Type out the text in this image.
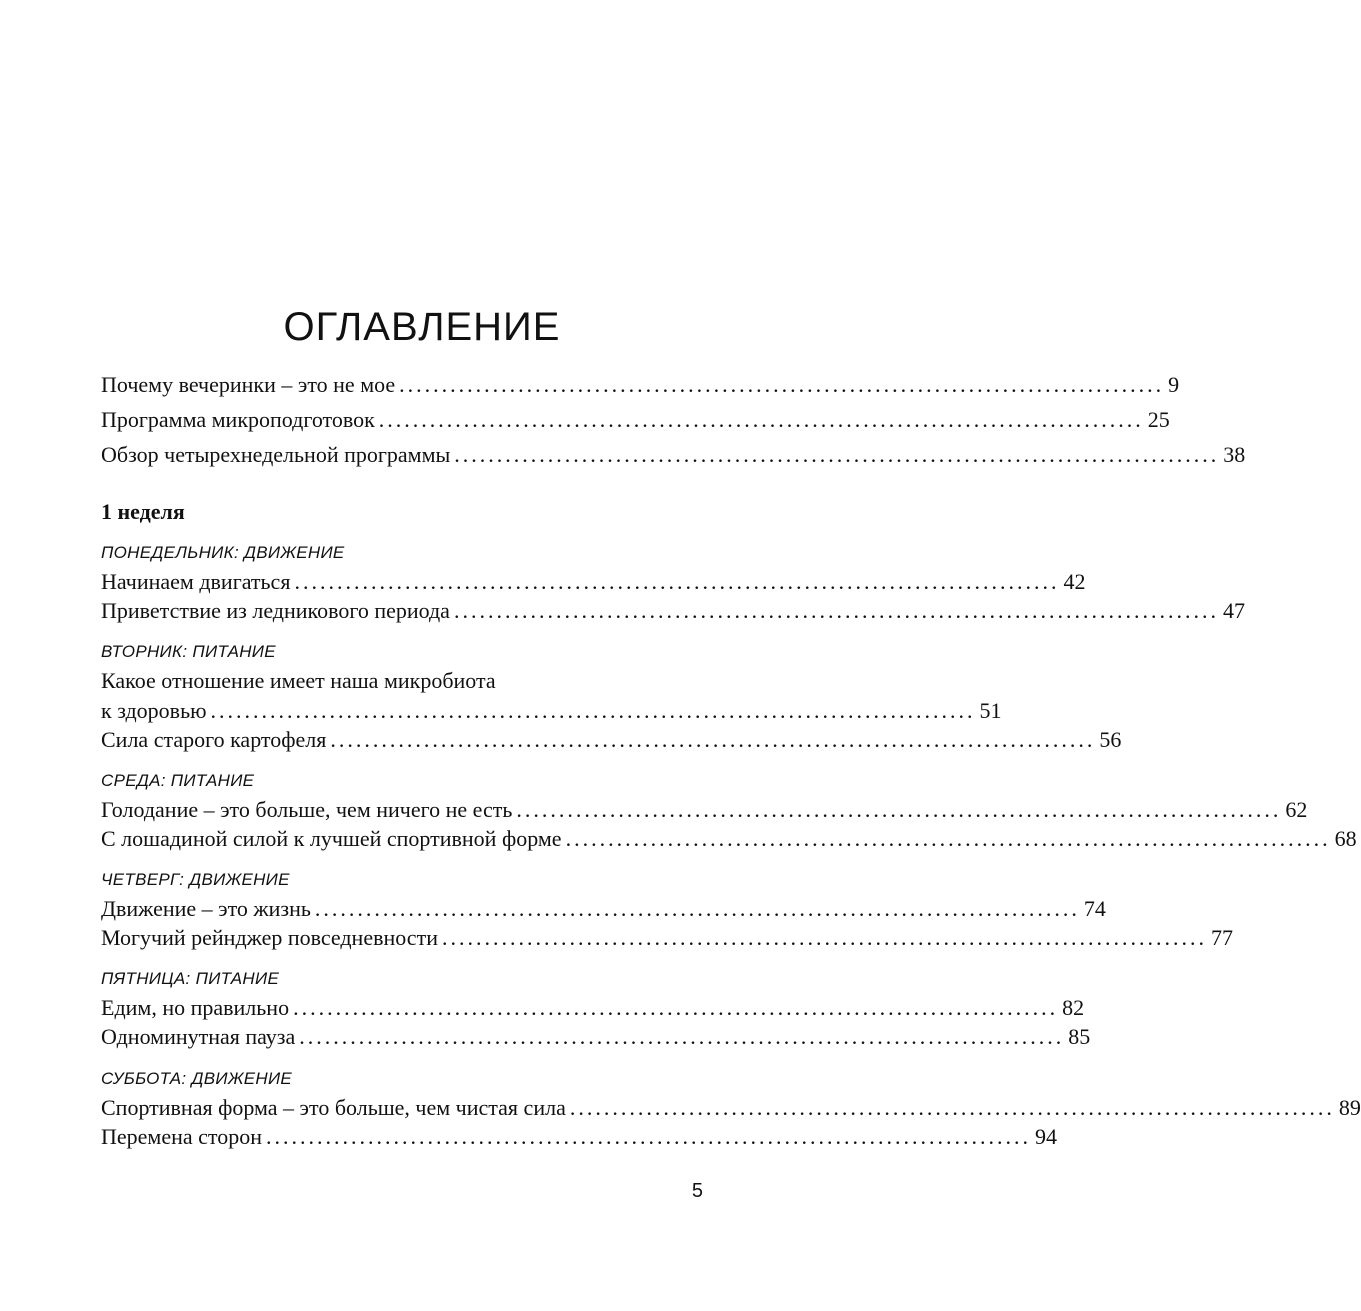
ОГЛАВЛЕНИЕ
Почему вечеринки – это не мое .......................................................................................... 9
Программа микроподготовок .......................................................................................... 25
Обзор четырехнедельной программы .......................................................................................... 38
1 неделя
ПОНЕДЕЛЬНИК: ДВИЖЕНИЕ
Начинаем двигаться .......................................................................................... 42
Приветствие из ледникового периода .......................................................................................... 47
ВТОРНИК: ПИТАНИЕ
Какое отношение имеет наша микробиота
к здоровью .......................................................................................... 51
Сила старого картофеля .......................................................................................... 56
СРЕДА: ПИТАНИЕ
Голодание – это больше, чем ничего не есть .......................................................................................... 62
С лошадиной силой к лучшей спортивной форме .......................................................................................... 68
ЧЕТВЕРГ: ДВИЖЕНИЕ
Движение – это жизнь .......................................................................................... 74
Могучий рейнджер повседневности .......................................................................................... 77
ПЯТНИЦА: ПИТАНИЕ
Едим, но правильно .......................................................................................... 82
Одноминутная пауза .......................................................................................... 85
СУББОТА: ДВИЖЕНИЕ
Спортивная форма – это больше, чем чистая сила .......................................................................................... 89
Перемена сторон .......................................................................................... 94
5
